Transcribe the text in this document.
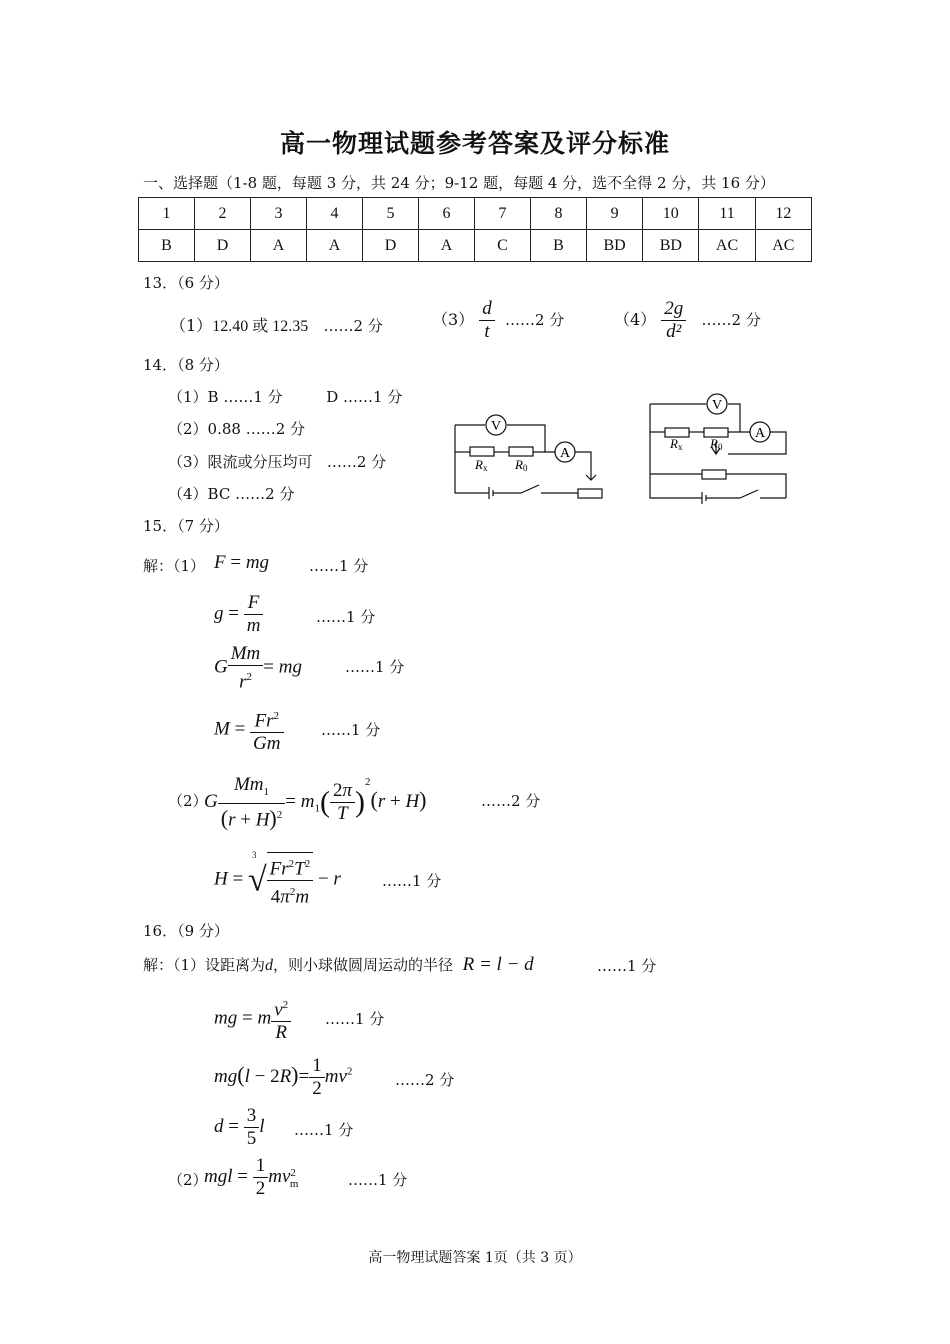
高一物理试题参考答案及评分标准
一、选择题（1-8 题，每题 3 分，共 24 分；9-12 题，每题 4 分，选不全得 2 分，共 16 分）
1	2	3	4	5	6	7	8	9	10	11	12
B	D	A	A	D	A	C	B	BD	BD	AC	AC
13．（6 分）
（1）12.40 或 12.35 ……2 分	$(3) \frac{d}{t}$ ……2 分	$(4) \frac{2g}{\text{d²}}$ ……2 分
14．（8 分）
（1）B ……1 分	D ……1 分
（2）0.88 ……2 分
（3）限流或分压均可   ……2 分
（4）BC ……2 分
V
A
Rx R0
V
A
Rx R0
15．（7 分）
解：（1） F = mg	……1 分
$g = \frac{F}{m}$	……1 分
G $\frac{Mm}{r^2}$ = mg	……1 分
$M = \frac{Fr^2}{Gm}$	……1 分
（2）
G $\frac{Mm_1}{(r + H)^2} = m_1( \frac{2\pi}{T} )^2(r + H)$	……2 分
H =
3
√ $\frac{Fr^2T^2}{4\pi^2m} - r$	……1 分
16．（9 分）
解：（1）设距离为d，则小球做圆周运动的半径 R = l − d	……1 分
mg = m $\frac{v^2}{R}$ ……1 分
$mg(l - 2R)= \frac{1}{2} mv^2$	……2 分
$d = \frac{3}{5}$ l ……1 分
（2）
mgl = $\frac{1}{2} mv^2_m$	……1 分
高一物理试题答案 1页（共 3 页）
